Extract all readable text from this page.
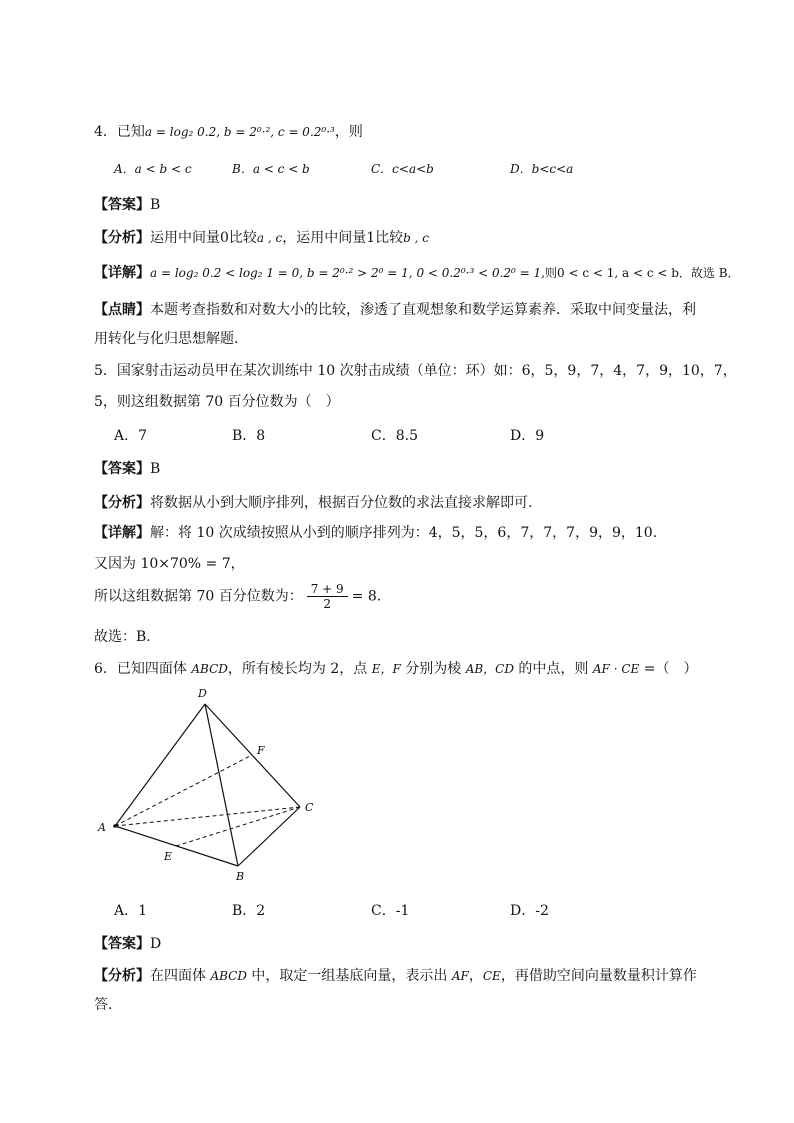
4．已知a = log₂ 0.2, b = 2⁰·², c = 0.2⁰·³，则
A．a < b < c	B．a < c < b	C．c<a<b	D．b<c<a
【答案】B
【分析】运用中间量0比较a , c，运用中间量1比较b , c
【详解】a = log₂ 0.2 < log₂ 1 = 0, b = 2⁰·² > 2⁰ = 1, 0 < 0.2⁰·³ < 0.2⁰ = 1,则0 < c < 1, a < c < b．故选 B．
【点睛】本题考查指数和对数大小的比较，渗透了直观想象和数学运算素养．采取中间变量法，利
用转化与化归思想解题．
5．国家射击运动员甲在某次训练中 10 次射击成绩（单位：环）如：6，5，9，7，4，7，9，10，7，
5，则这组数据第 70 百分位数为（　）
A．7	B．8	C．8.5	D．9
【答案】B
【分析】将数据从小到大顺序排列，根据百分位数的求法直接求解即可.
【详解】解：将 10 次成绩按照从小到的顺序排列为：4，5，5，6，7，7，7，9，9，10.
又因为 10×70% = 7，
所以这组数据第 70 百分位数为： $\frac{7 + 9}{2} = 8$.
故选：B.
6．已知四面体 ABCD，所有棱长均为 2，点 E，F 分别为棱 AB，CD 的中点，则 AF · CE =（　）
D
F
C
A
E
B
A．1	B．2	C．-1	D．-2
【答案】D
【分析】在四面体 ABCD 中，取定一组基底向量，表示出 AF，CE，再借助空间向量数量积计算作
答.
